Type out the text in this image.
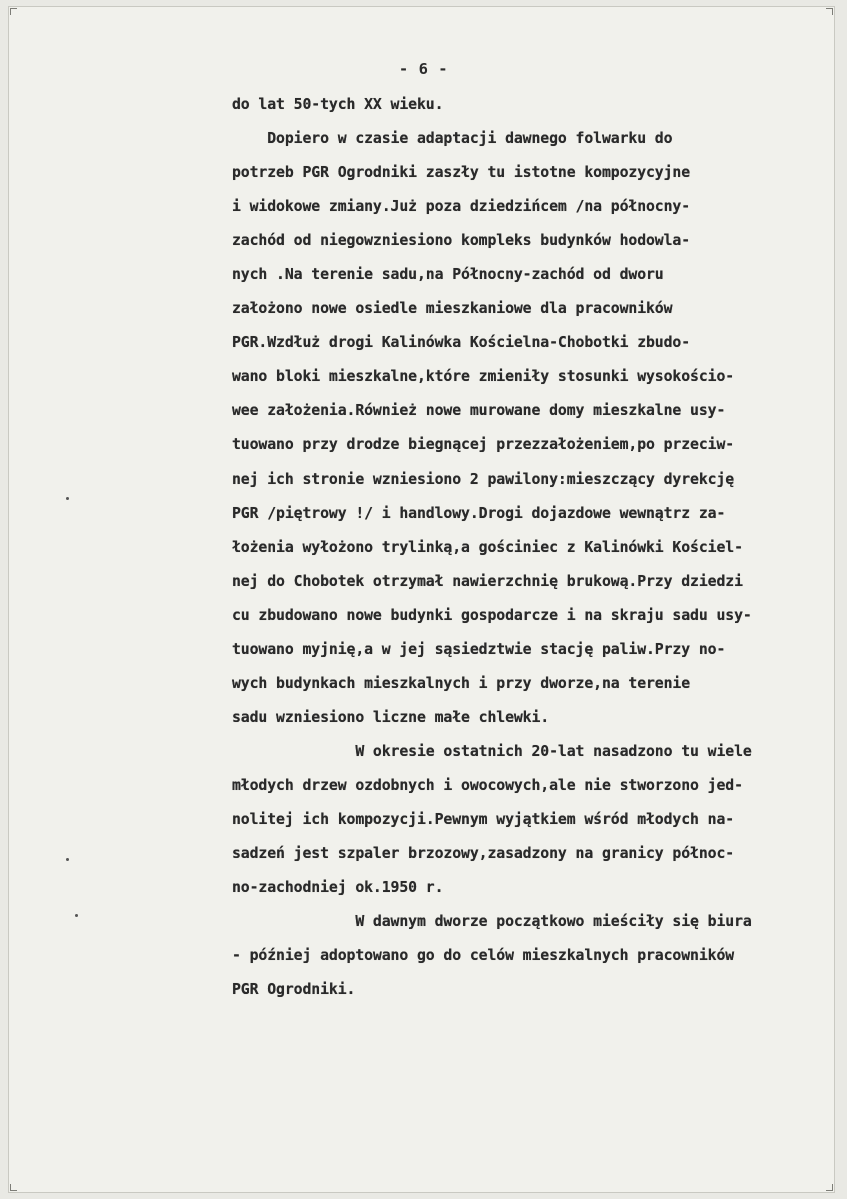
- 6 -
do lat 50-tych XX wieku.
Dopiero w czasie adaptacji dawnego folwarku do
potrzeb PGR Ogrodniki zaszły tu istotne kompozycyjne
i widokowe zmiany.Już poza dziedzińcem /na północny-
zachód od niegowzniesiono kompleks budynków hodowla-
nych .Na terenie sadu,na Północny-zachód od dworu
założono nowe osiedle mieszkaniowe dla pracowników
PGR.Wzdłuż drogi Kalinówka Kościelna-Chobotki zbudo-
wano bloki mieszkalne,które zmieniły stosunki wysokościo-
wee założenia.Również nowe murowane domy mieszkalne usy-
tuowano przy drodze biegnącej przezzałożeniem,po przeciw-
nej ich stronie wzniesiono 2 pawilony:mieszczący dyrekcję
PGR /piętrowy !/ i handlowy.Drogi dojazdowe wewnątrz za-
łożenia wyłożono trylinką,a gościniec z Kalinówki Kościel-
nej do Chobotek otrzymał nawierzchnię brukową.Przy dziedzi
cu zbudowano nowe budynki gospodarcze i na skraju sadu usy-
tuowano myjnię,a w jej sąsiedztwie stację paliw.Przy no-
wych budynkach mieszkalnych i przy dworze,na terenie
sadu wzniesiono liczne małe chlewki.
W okresie ostatnich 20-lat nasadzono tu wiele
młodych drzew ozdobnych i owocowych,ale nie stworzono jed-
nolitej ich kompozycji.Pewnym wyjątkiem wśród młodych na-
sadzeń jest szpaler brzozowy,zasadzony na granicy północ-
no-zachodniej ok.1950 r.
W dawnym dworze początkowo mieściły się biura
- później adoptowano go do celów mieszkalnych pracowników
PGR Ogrodniki.
